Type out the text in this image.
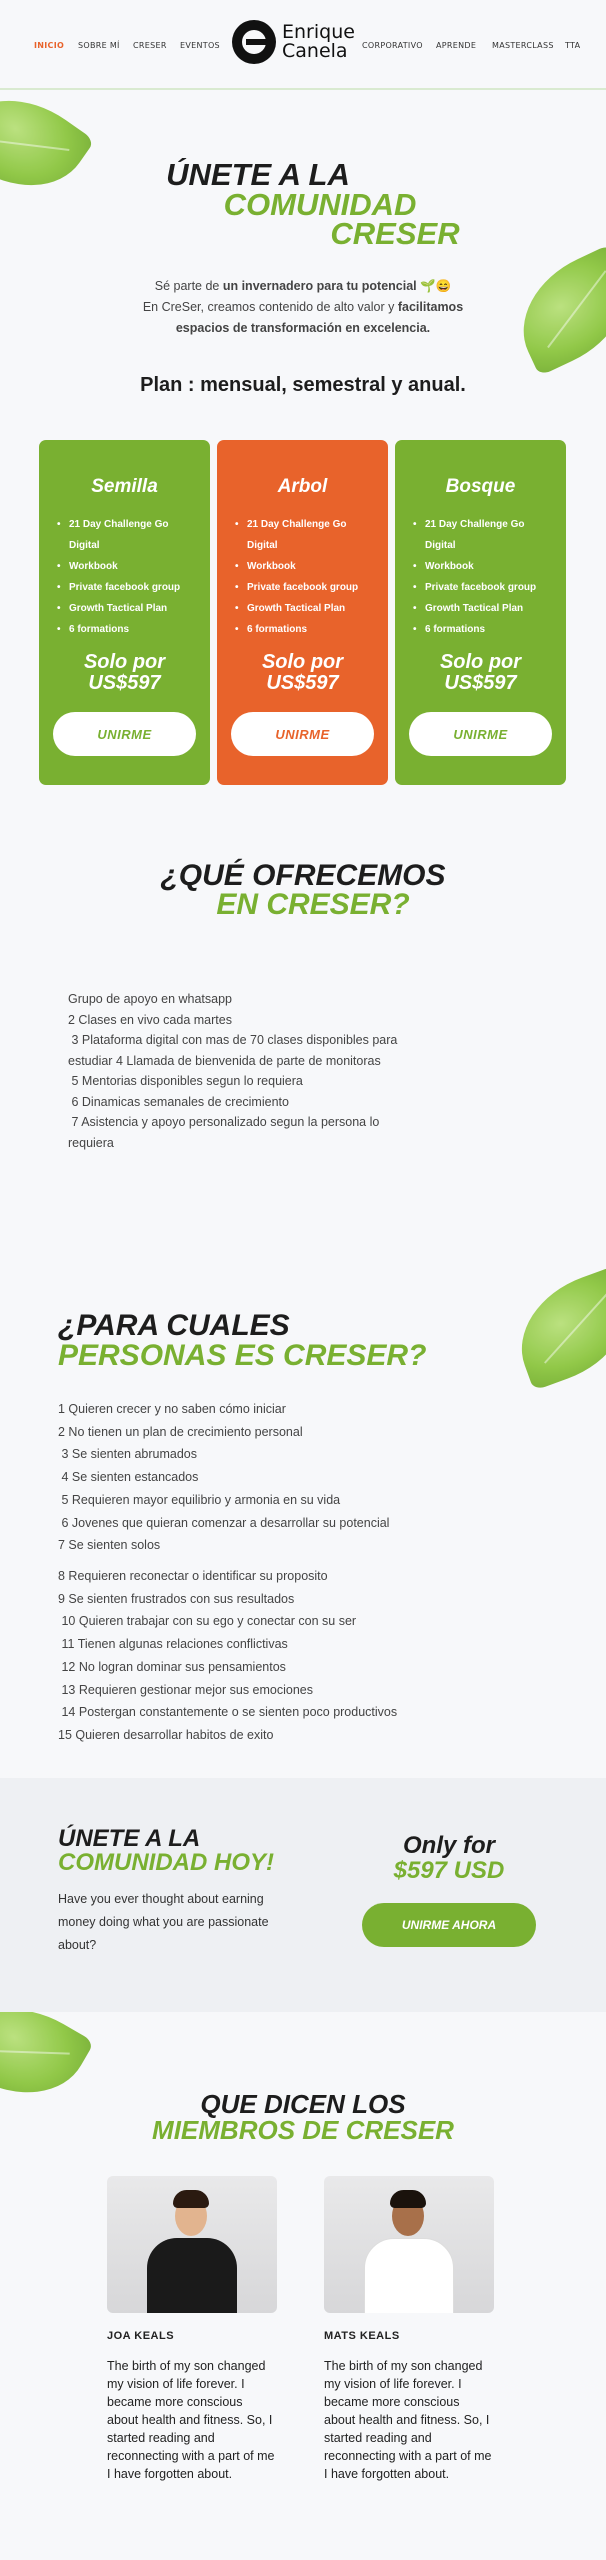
INICIO SOBRE MÍ CRESER EVENTOS
Enrique
Canela	CORPORATIVO APRENDE MASTERCLASS TTA
ÚNETE A LA
COMUNIDAD
CRESER
Sé parte de un invernadero para tu potencial 🌱😄
En CreSer, creamos contenido de alto valor y facilitamos
espacios de transformación en excelencia.
Plan : mensual, semestral y anual.
Semilla
• 21 Day Challenge Go Digital
• Workbook
• Private facebook group
• Growth Tactical Plan
• 6 formations
Solo por
US$597
UNIRME
Arbol
• 21 Day Challenge Go Digital
• Workbook
• Private facebook group
• Growth Tactical Plan
• 6 formations
Solo por
US$597
UNIRME
Bosque
• 21 Day Challenge Go Digital
• Workbook
• Private facebook group
• Growth Tactical Plan
• 6 formations
Solo por
US$597
UNIRME
¿QUÉ OFRECEMOS
EN CRESER?
Grupo de apoyo en whatsapp
2 Clases en vivo cada martes
3 Plataforma digital con mas de 70 clases disponibles para
estudiar 4 Llamada de bienvenida de parte de monitoras
5 Mentorias disponibles segun lo requiera
6 Dinamicas semanales de crecimiento
7 Asistencia y apoyo personalizado segun la persona lo
requiera
¿PARA CUALES
PERSONAS ES CRESER?
1 Quieren crecer y no saben cómo iniciar
2 No tienen un plan de crecimiento personal
3 Se sienten abrumados
4 Se sienten estancados
5 Requieren mayor equilibrio y armonia en su vida
6 Jovenes que quieran comenzar a desarrollar su potencial
7 Se sienten solos
8 Requieren reconectar o identificar su proposito
9 Se sienten frustrados con sus resultados
10 Quieren trabajar con su ego y conectar con su ser
11 Tienen algunas relaciones conflictivas
12 No logran dominar sus pensamientos
13 Requieren gestionar mejor sus emociones
14 Postergan constantemente o se sienten poco productivos
15 Quieren desarrollar habitos de exito
ÚNETE A LA
COMUNIDAD HOY!
Have you ever thought about earning money doing what you are passionate about?
Only for
$597 USD
UNIRME AHORA
QUE DICEN LOS
MIEMBROS DE CRESER
JOA KEALS	MATS KEALS
The birth of my son changed my vision of life forever. I became more conscious about health and fitness. So, I started reading and reconnecting with a part of me I have forgotten about.
The birth of my son changed my vision of life forever. I became more conscious about health and fitness. So, I started reading and reconnecting with a part of me I have forgotten about.
